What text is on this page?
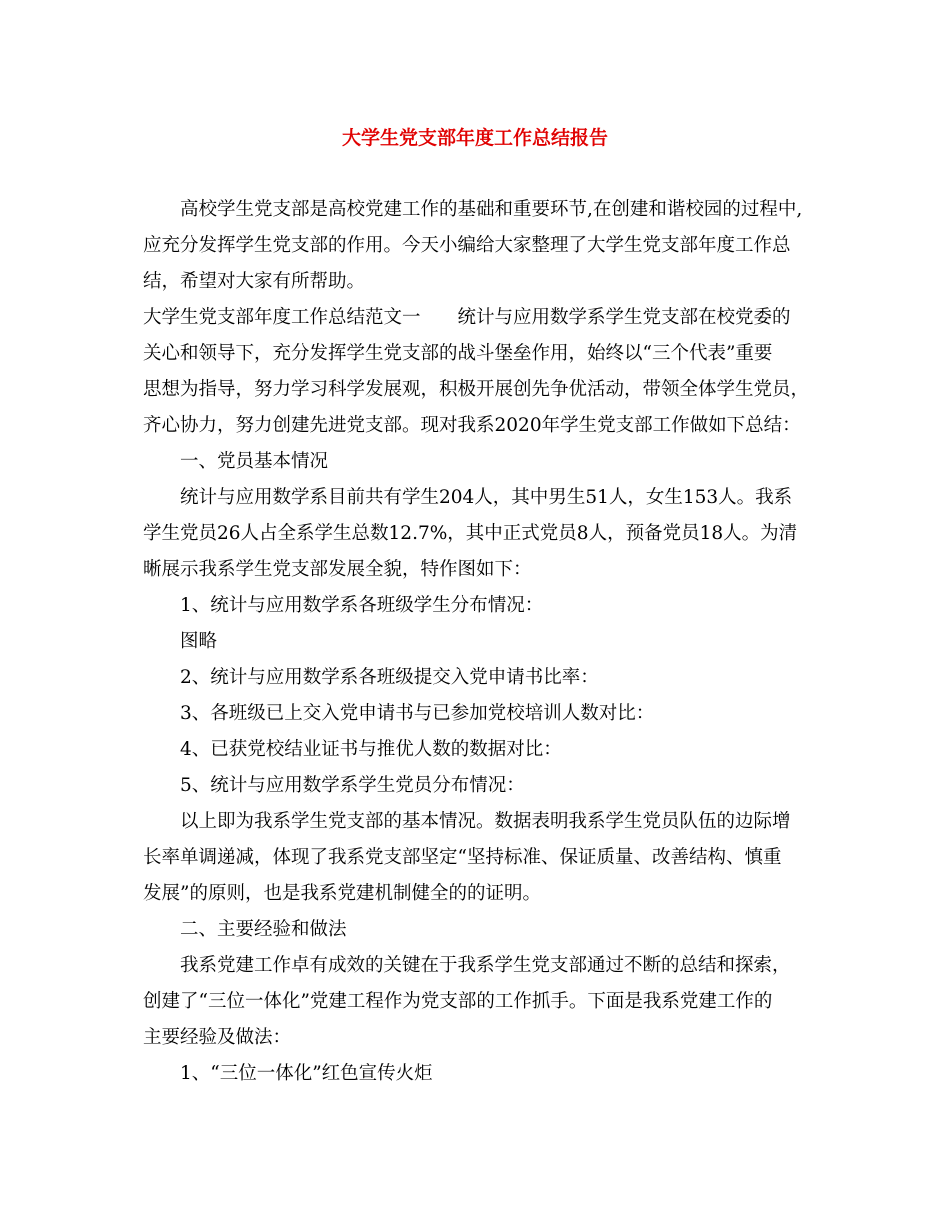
大学生党支部年度工作总结报告
高校学生党支部是高校党建工作的基础和重要环节,在创建和谐校园的过程中,
应充分发挥学生党支部的作用。今天小编给大家整理了大学生党支部年度工作总
结，希望对大家有所帮助。
大学生党支部年度工作总结范文一　　统计与应用数学系学生党支部在校党委的
关心和领导下，充分发挥学生党支部的战斗堡垒作用，始终以“三个代表”重要
思想为指导，努力学习科学发展观，积极开展创先争优活动，带领全体学生党员，
齐心协力，努力创建先进党支部。现对我系2020年学生党支部工作做如下总结：
一、党员基本情况
统计与应用数学系目前共有学生204人，其中男生51人，女生153人。我系
学生党员26人占全系学生总数12.7%，其中正式党员8人，预备党员18人。为清
晰展示我系学生党支部发展全貌，特作图如下：
1、统计与应用数学系各班级学生分布情况：
图略
2、统计与应用数学系各班级提交入党申请书比率：
3、各班级已上交入党申请书与已参加党校培训人数对比：
4、已获党校结业证书与推优人数的数据对比：
5、统计与应用数学系学生党员分布情况：
以上即为我系学生党支部的基本情况。数据表明我系学生党员队伍的边际增
长率单调递减，体现了我系党支部坚定“坚持标准、保证质量、改善结构、慎重
发展”的原则，也是我系党建机制健全的的证明。
二、主要经验和做法
我系党建工作卓有成效的关键在于我系学生党支部通过不断的总结和探索，
创建了“三位一体化”党建工程作为党支部的工作抓手。下面是我系党建工作的
主要经验及做法：
1、“三位一体化”红色宣传火炬
